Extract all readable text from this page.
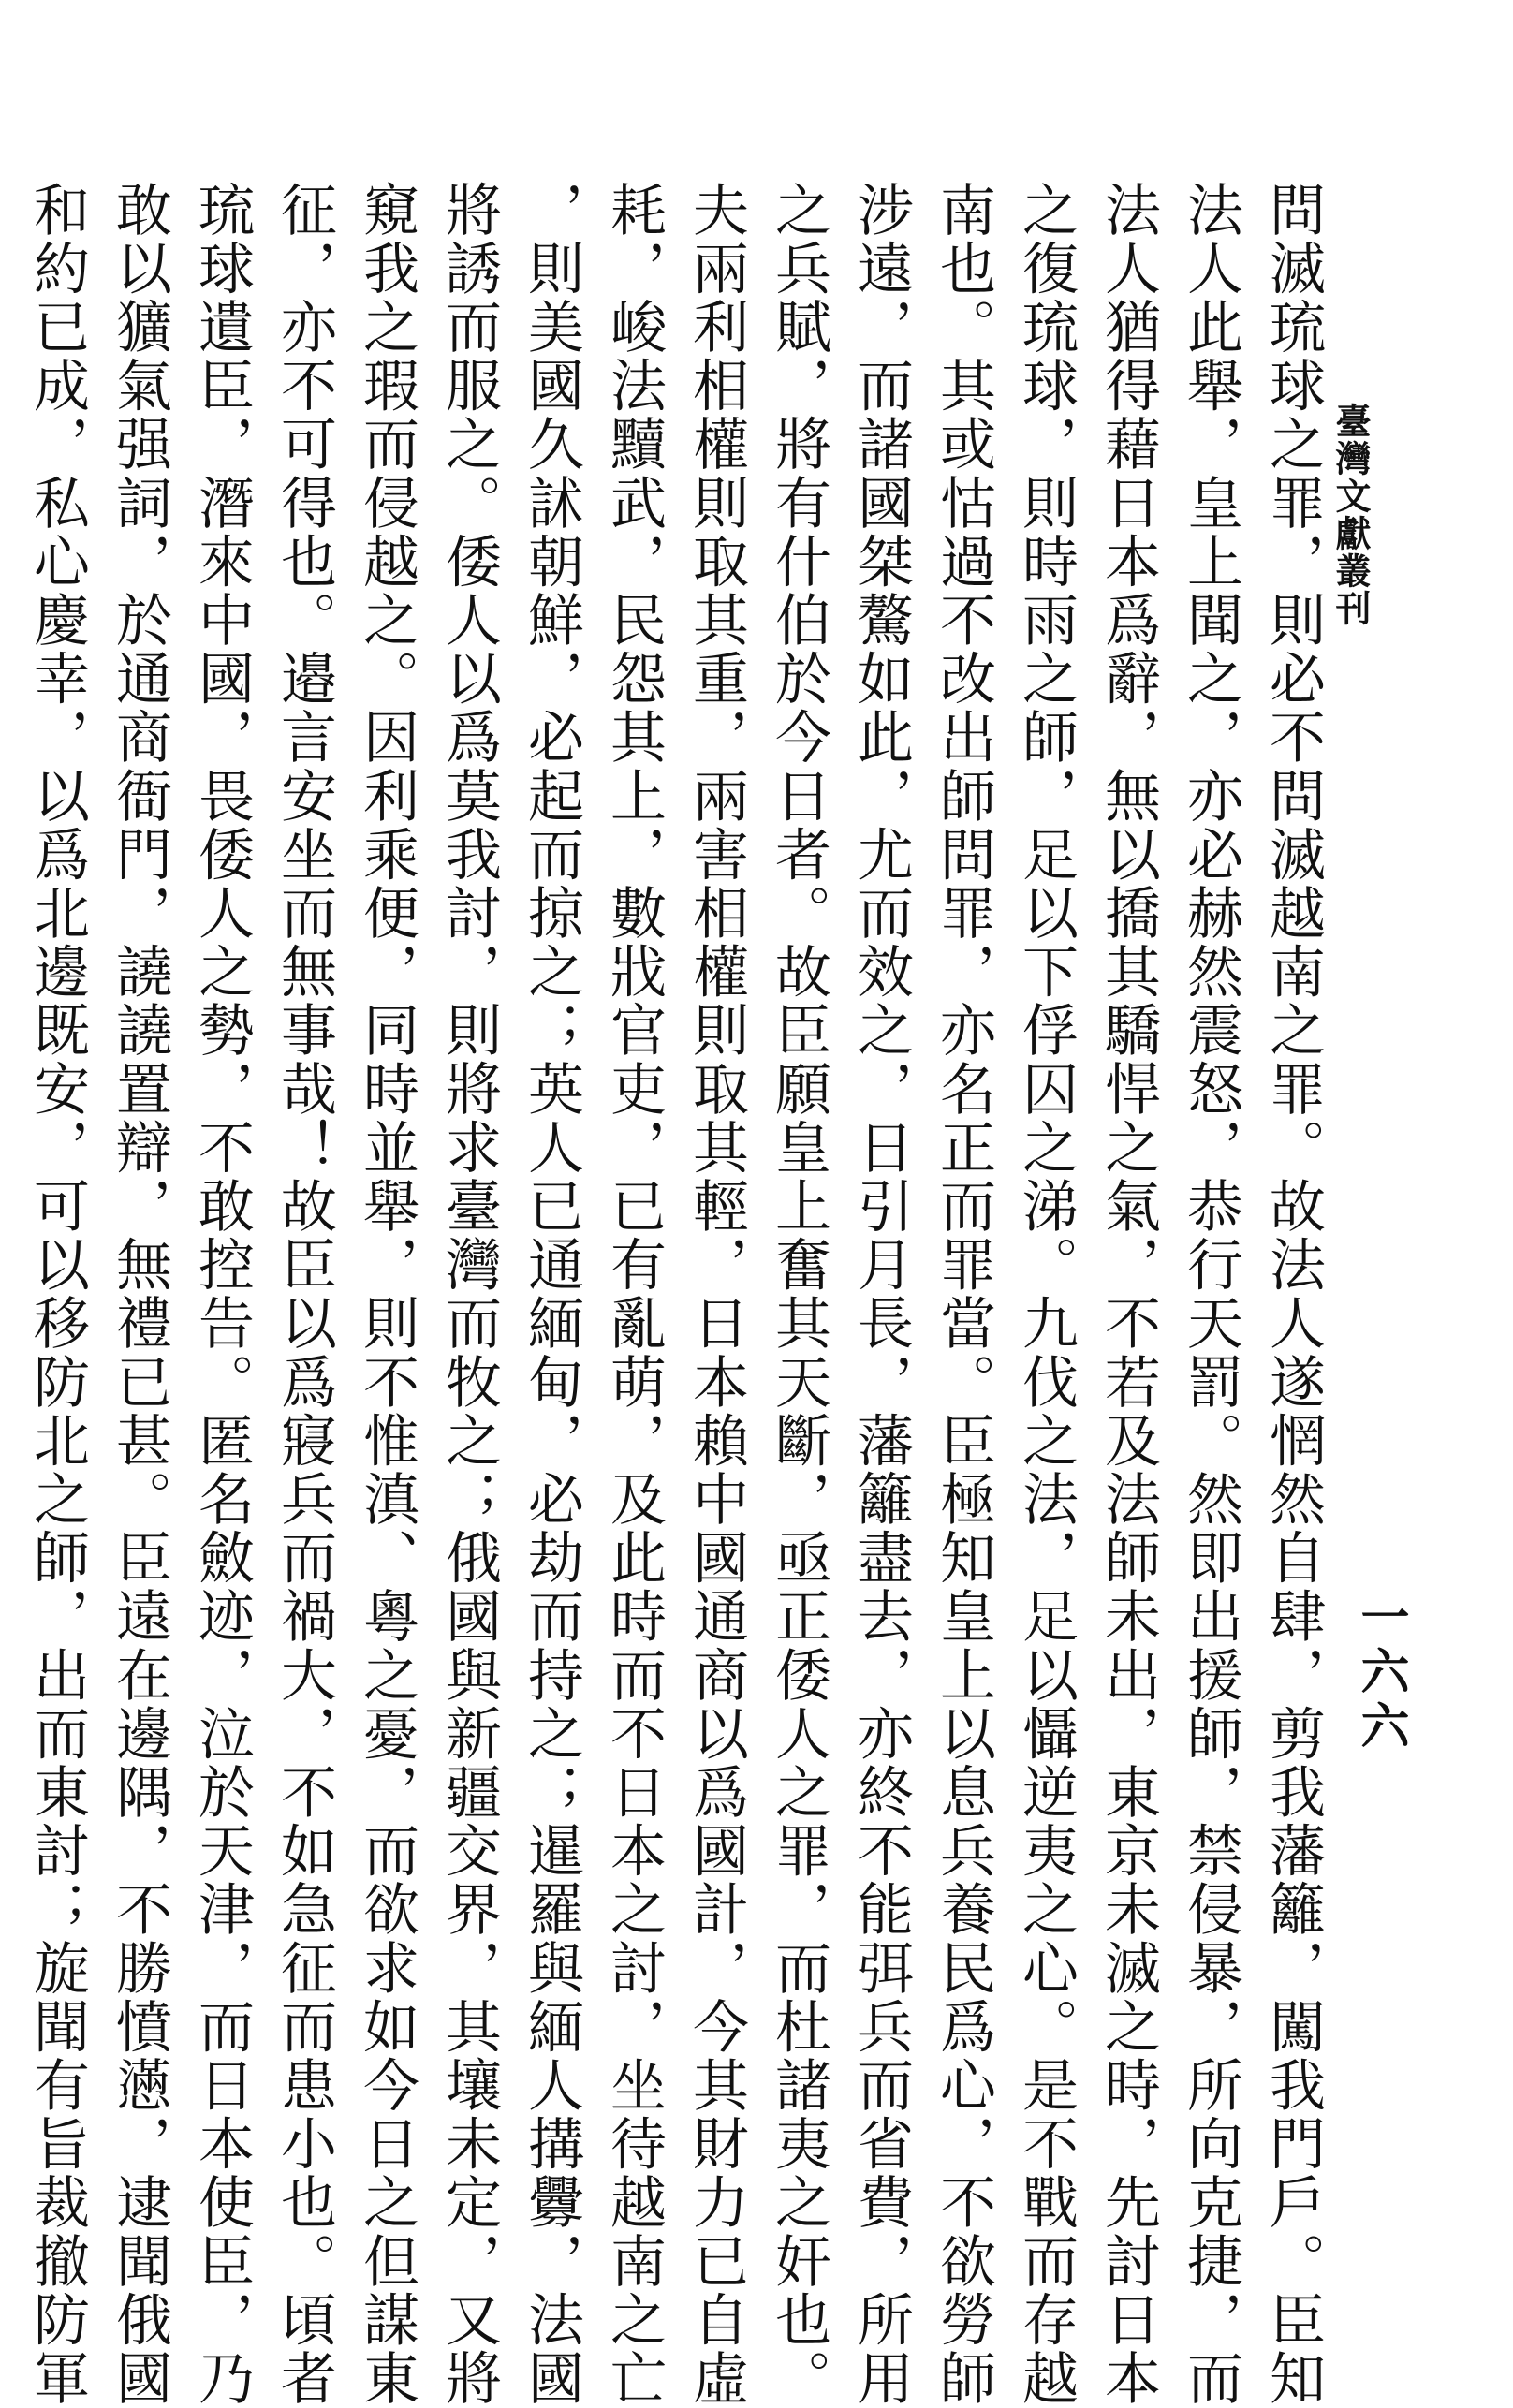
臺灣文獻叢刊
一六六
問滅琉球之罪，則必不問滅越南之罪。故法人遂惘然自肆，剪我藩籬，闖我門戶。臣知
法人此舉，皇上聞之，亦必赫然震怒，恭行天罰。然即出援師，禁侵暴，所向克捷，而
法人猶得藉日本爲辭，無以撟其驕悍之氣，不若及法師未出，東京未滅之時，先討日本
之復琉球，則時雨之師，足以下俘囚之涕。九伐之法，足以懾逆夷之心。是不戰而存越
南也。其或怙過不改出師問罪，亦名正而罪當。臣極知皇上以息兵養民爲心，不欲勞師
涉遠，而諸國桀驁如此，尤而效之，日引月長，藩籬盡去，亦終不能弭兵而省費，所用
之兵賦，將有什伯於今日者。故臣願皇上奮其天斷，亟正倭人之罪，而杜諸夷之奸也。
夫兩利相權則取其重，兩害相權則取其輕，日本賴中國通商以爲國計，今其財力已自虛
耗，峻法黷武，民怨其上，數戕官吏，已有亂萌，及此時而不日本之討，坐待越南之亡
，則美國久訹朝鮮，必起而掠之；英人已通緬甸，必劫而持之；暹羅與緬人搆釁，法國
將誘而服之。倭人以爲莫我討，則將求臺灣而牧之；俄國與新疆交界，其壤未定，又將
窺我之瑕而侵越之。因利乘便，同時並舉，則不惟滇、粵之憂，而欲求如今日之但謀東
征，亦不可得也。邉言安坐而無事哉！故臣以爲寢兵而禍大，不如急征而患小也。頃者
琉球遺臣，潛來中國，畏倭人之勢，不敢控告。匿名斂迹，泣於天津，而日本使臣，乃
敢以獷氣强詞，於通商衙門，譊譊置辯，無禮已甚。臣遠在邊隅，不勝憤懣，逮聞俄國
和約已成，私心慶幸，以爲北邊既安，可以移防北之師，出而東討；旋聞有旨裁撤防軍
